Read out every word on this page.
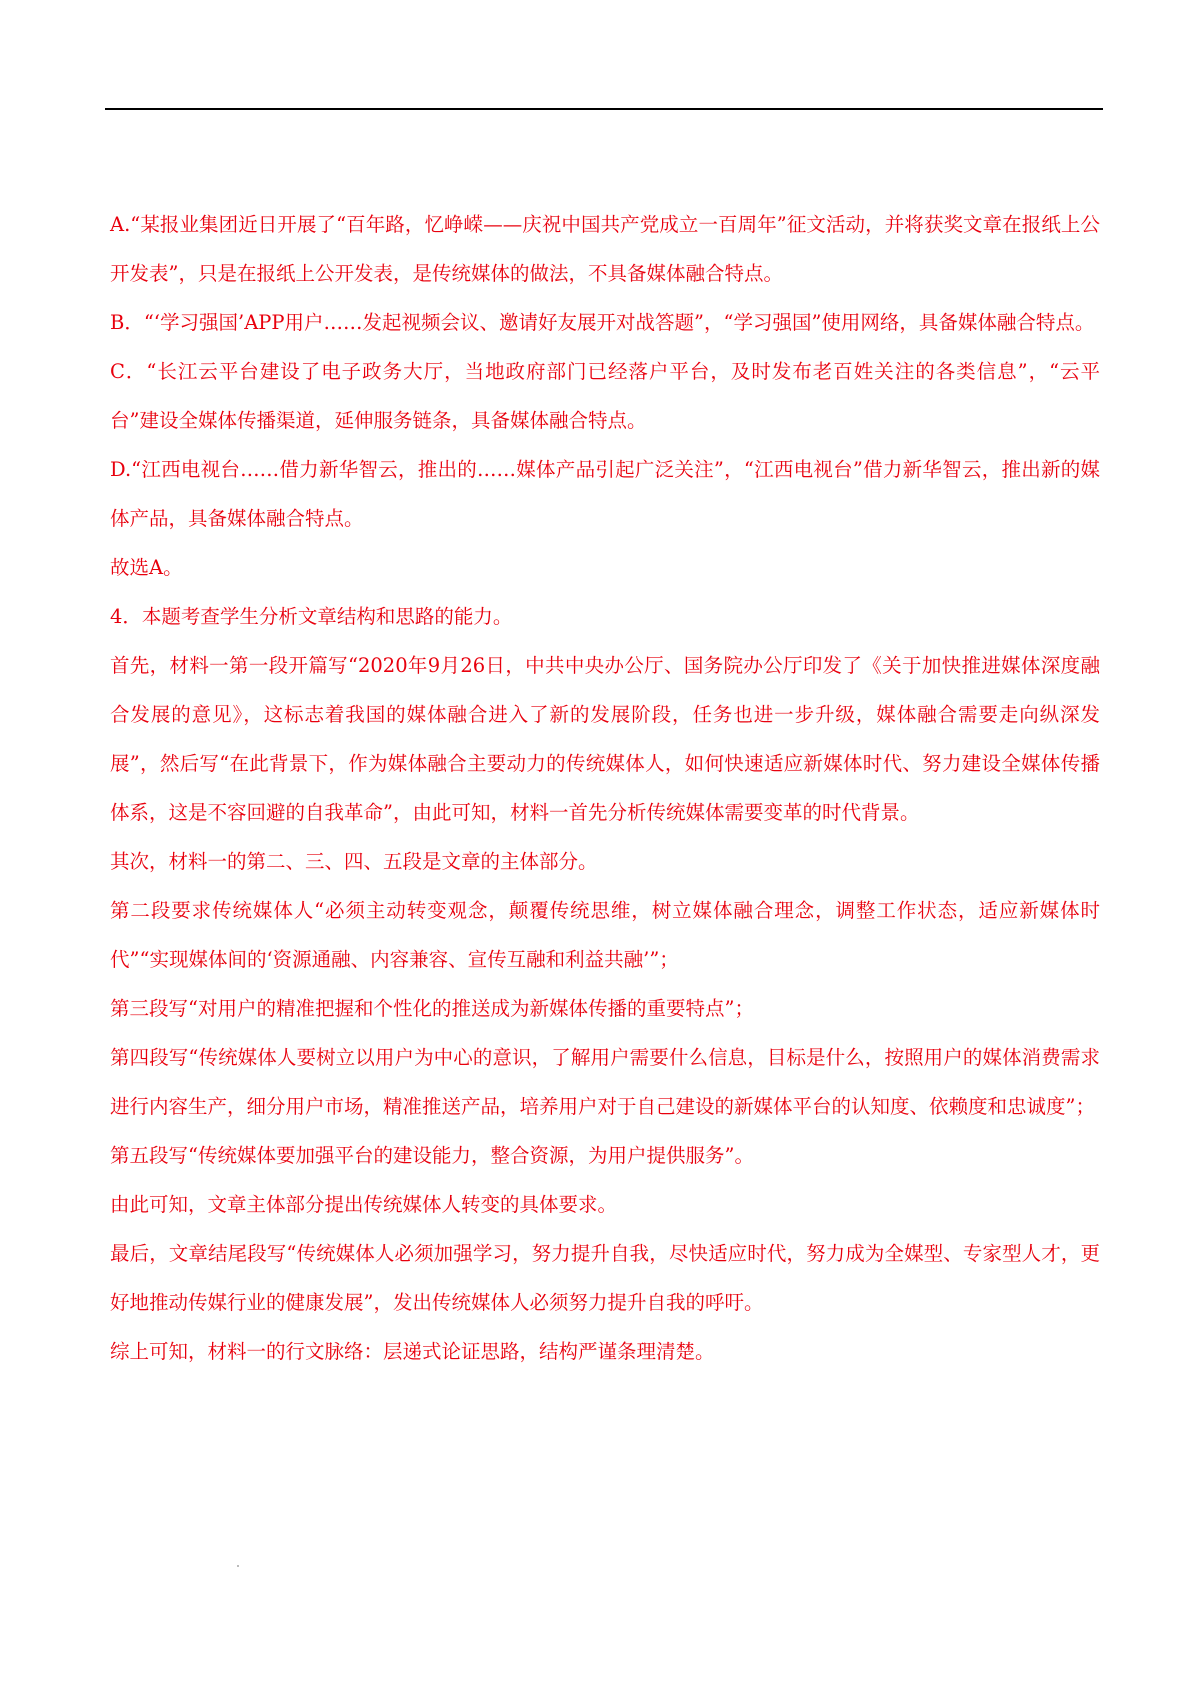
A.“某报业集团近日开展了“百年路，忆峥嵘——庆祝中国共产党成立一百周年”征文活动，并将获奖文章在报纸上公开发表”，只是在报纸上公开发表，是传统媒体的做法，不具备媒体融合特点。

B．“‘学习强国’APP用户……发起视频会议、邀请好友展开对战答题”，“学习强国”使用网络，具备媒体融合特点。

C．“长江云平台建设了电子政务大厅，当地政府部门已经落户平台，及时发布老百姓关注的各类信息”，“云平台”建设全媒体传播渠道，延伸服务链条，具备媒体融合特点。

D.“江西电视台……借力新华智云，推出的……媒体产品引起广泛关注”，“江西电视台”借力新华智云，推出新的媒体产品，具备媒体融合特点。

故选A。

4．本题考查学生分析文章结构和思路的能力。

首先，材料一第一段开篇写“2020年9月26日，中共中央办公厅、国务院办公厅印发了《关于加快推进媒体深度融合发展的意见》，这标志着我国的媒体融合进入了新的发展阶段，任务也进一步升级，媒体融合需要走向纵深发展”，然后写“在此背景下，作为媒体融合主要动力的传统媒体人，如何快速适应新媒体时代、努力建设全媒体传播体系，这是不容回避的自我革命”，由此可知，材料一首先分析传统媒体需要变革的时代背景。

其次，材料一的第二、三、四、五段是文章的主体部分。

第二段要求传统媒体人“必须主动转变观念，颠覆传统思维，树立媒体融合理念，调整工作状态，适应新媒体时代”“实现媒体间的‘资源通融、内容兼容、宣传互融和利益共融’”；

第三段写“对用户的精准把握和个性化的推送成为新媒体传播的重要特点”；

第四段写“传统媒体人要树立以用户为中心的意识，了解用户需要什么信息，目标是什么，按照用户的媒体消费需求进行内容生产，细分用户市场，精准推送产品，培养用户对于自己建设的新媒体平台的认知度、依赖度和忠诚度”；

第五段写“传统媒体要加强平台的建设能力，整合资源，为用户提供服务”。

由此可知，文章主体部分提出传统媒体人转变的具体要求。

最后，文章结尾段写“传统媒体人必须加强学习，努力提升自我，尽快适应时代，努力成为全媒型、专家型人才，更好地推动传媒行业的健康发展”，发出传统媒体人必须努力提升自我的呼吁。

综上可知，材料一的行文脉络：层递式论证思路，结构严谨条理清楚。
